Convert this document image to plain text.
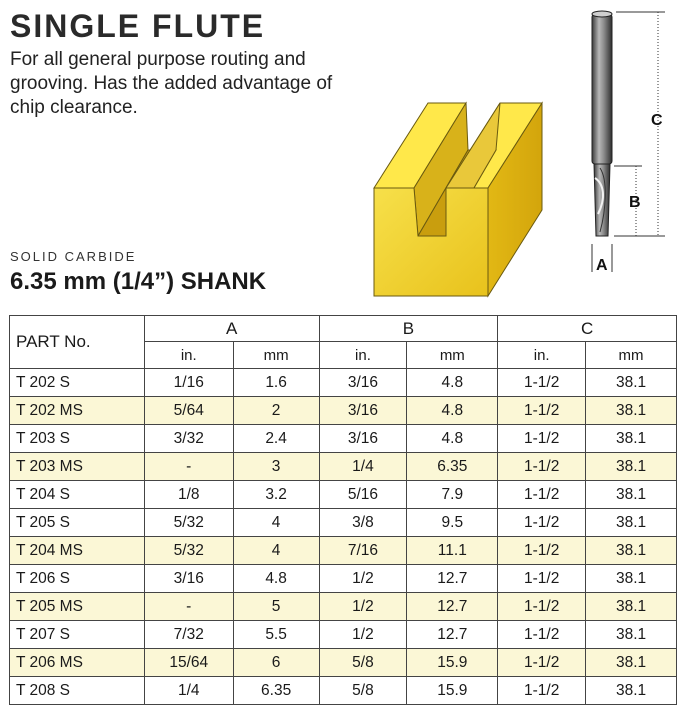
SINGLE FLUTE
For all general purpose routing and grooving. Has the added advantage of chip clearance.
SOLID CARBIDE
6.35 mm (1/4”) SHANK
C
B
A
PART No.	A		B		C	
	in.	mm	in.	mm	in.	mm
T 202 S	1/16	1.6	3/16	4.8	1-1/2	38.1
T 202 MS	5/64	2	3/16	4.8	1-1/2	38.1
T 203 S	3/32	2.4	3/16	4.8	1-1/2	38.1
T 203 MS	-	3	1/4	6.35	1-1/2	38.1
T 204 S	1/8	3.2	5/16	7.9	1-1/2	38.1
T 205 S	5/32	4	3/8	9.5	1-1/2	38.1
T 204 MS	5/32	4	7/16	11.1	1-1/2	38.1
T 206 S	3/16	4.8	1/2	12.7	1-1/2	38.1
T 205 MS	-	5	1/2	12.7	1-1/2	38.1
T 207 S	7/32	5.5	1/2	12.7	1-1/2	38.1
T 206 MS	15/64	6	5/8	15.9	1-1/2	38.1
T 208 S	1/4	6.35	5/8	15.9	1-1/2	38.1
